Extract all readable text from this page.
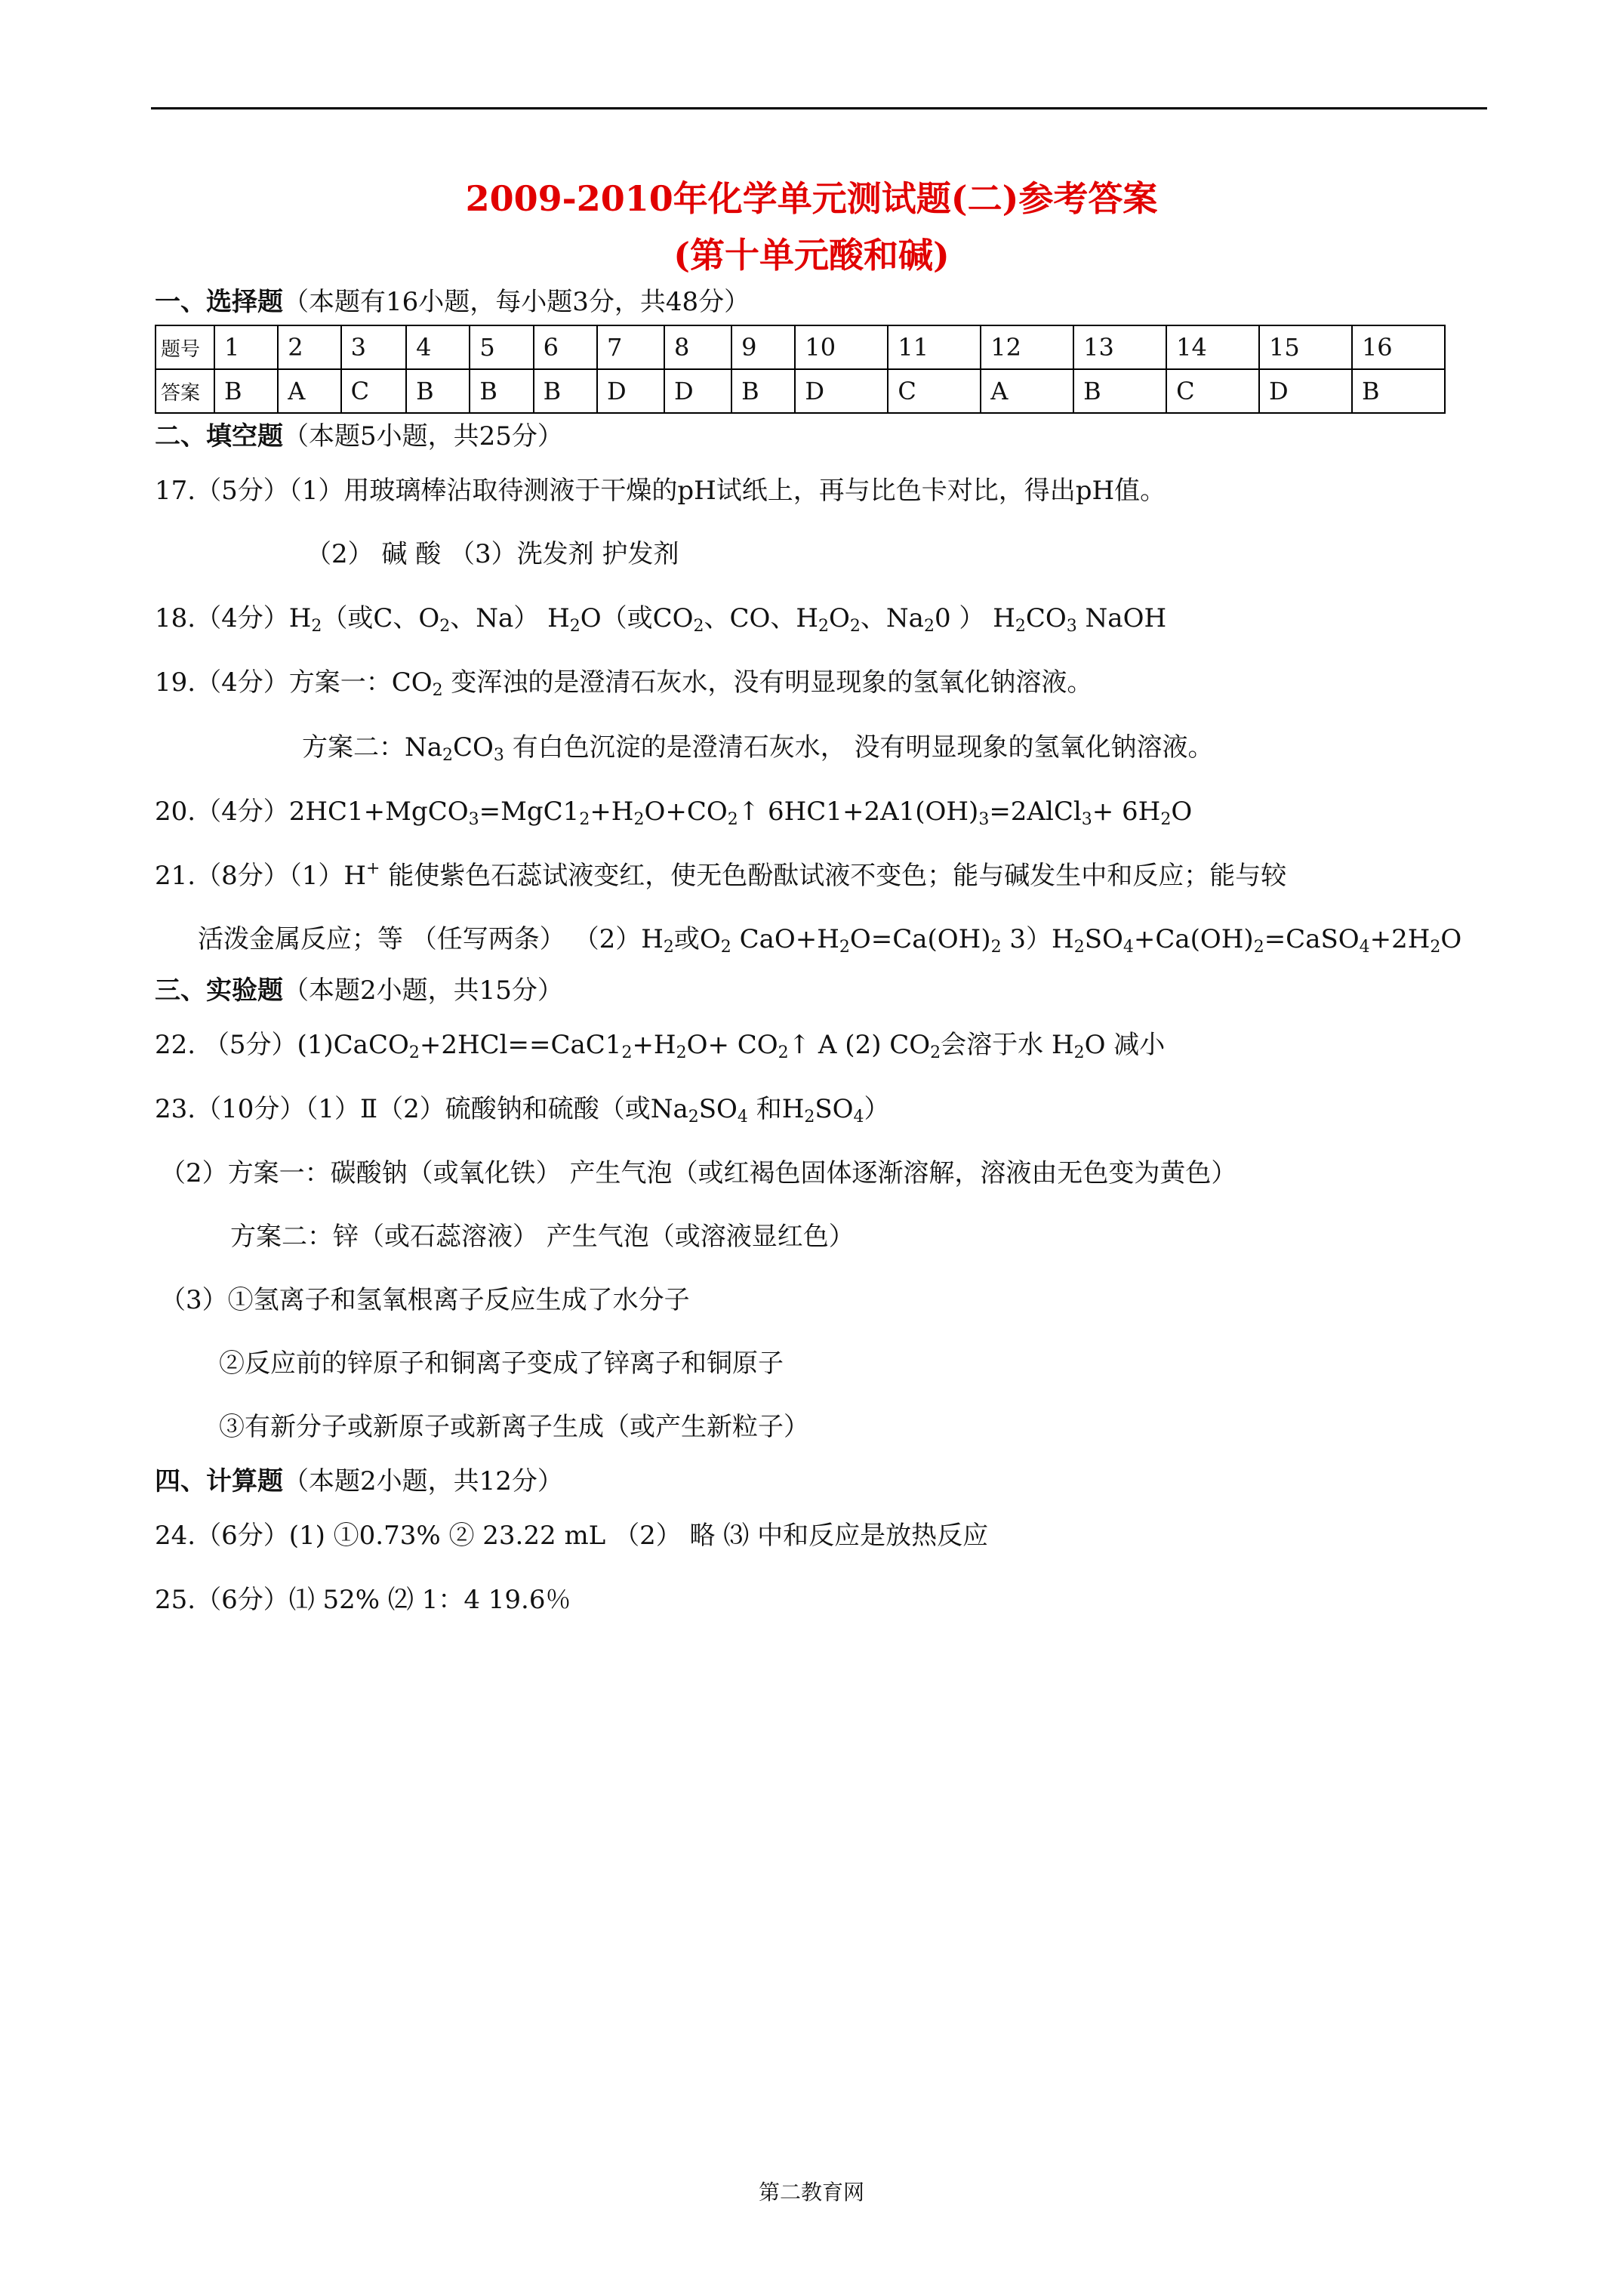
2009-2010年化学单元测试题(二)参考答案
(第十单元酸和碱)
一、选择题（本题有16小题，每小题3分，共48分）
题号	1	2	3	4	5	6	7	8	9	10	11	12	13	14	15	16
答案	B	A	C	B	B	B	D	D	B	D	C	A	B	C	D	B
二、填空题（本题5小题，共25分）
17.（5分）（1）用玻璃棒沾取待测液于干燥的pH试纸上，再与比色卡对比，得出pH值。
（2） 碱 酸 （3）洗发剂 护发剂
18.（4分）$H_2$（或C、$O_2$、Na） $H_2O$（或$CO_2$、CO、$H_2O_2$、$Na_20$ ） $H_2CO_3$ NaOH
19.（4分）方案一：$CO_2$ 变浑浊的是澄清石灰水，没有明显现象的氢氧化钠溶液。
方案二：$Na_2CO_3$ 有白色沉淀的是澄清石灰水， 没有明显现象的氢氧化钠溶液。
20.（4分）$2HC1+MgCO_3=MgC1_2+H_2O+CO_2↑$ $6HC1+2A1(OH)_3=2AlCl_3+ 6H_2O$
21.（8分）（1）H+ 能使紫色石蕊试液变红，使无色酚酞试液不变色；能与碱发生中和反应；能与较
活泼金属反应；等 （任写两条） $(2)H_2$或$O_2$ $CaO+H_2O=Ca(OH)_2$ $3)H_2SO_4+Ca(OH)_2=CaSO_4+2H_2O$
三、实验题（本题2小题，共15分）
22. （5分）$(1)CaCO_2+2HCl==CaC1_2+H_2O+$ $CO_2↑$ A (2) $CO_2$会溶于水 $H_2O$ 减小
23.（10分）（1）Ⅱ（2）硫酸钠和硫酸（或$Na_2SO_4$ 和$H_2SO_4$）
（2）方案一：碳酸钠（或氧化铁） 产生气泡（或红褐色固体逐渐溶解，溶液由无色变为黄色）
方案二：锌（或石蕊溶液） 产生气泡（或溶液显红色）
（3）①氢离子和氢氧根离子反应生成了水分子
②反应前的锌原子和铜离子变成了锌离子和铜原子
③有新分子或新原子或新离子生成（或产生新粒子）
四、计算题（本题2小题，共12分）
24.（6分）(1) ①0.73% ② 23.22 mL （2） 略 ⑶ 中和反应是放热反应
25.（6分）⑴ 52% ⑵ 1：4 19.6％
第二教育网
